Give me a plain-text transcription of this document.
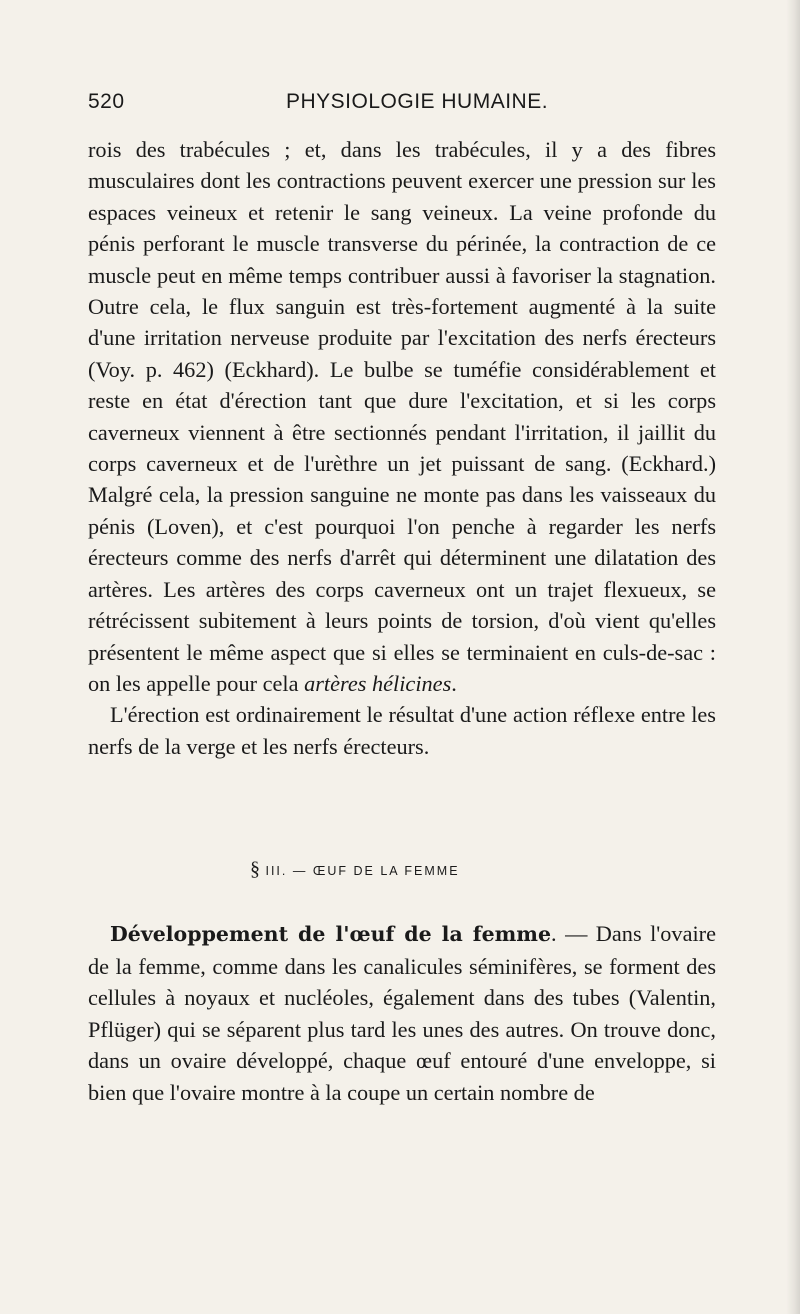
520	PHYSIOLOGIE HUMAINE.

rois des trabécules ; et, dans les trabécules, il y a des fibres musculaires dont les contractions peuvent exercer une pression sur les espaces veineux et retenir le sang veineux. La veine profonde du pénis perforant le muscle transverse du périnée, la contraction de ce muscle peut en même temps contribuer aussi à favoriser la stagnation. Outre cela, le flux sanguin est très-fortement augmenté à la suite d'une irritation nerveuse produite par l'excitation des nerfs érecteurs (Voy. p. 462) (Eckhard). Le bulbe se tuméfie considérablement et reste en état d'érection tant que dure l'excitation, et si les corps caverneux viennent à être sectionnés pendant l'irritation, il jaillit du corps caverneux et de l'urèthre un jet puissant de sang. (Eckhard.) Malgré cela, la pression sanguine ne monte pas dans les vaisseaux du pénis (Loven), et c'est pourquoi l'on penche à regarder les nerfs érecteurs comme des nerfs d'arrêt qui déterminent une dilatation des artères. Les artères des corps caverneux ont un trajet flexueux, se rétrécissent subitement à leurs points de torsion, d'où vient qu'elles présentent le même aspect que si elles se terminaient en culs-de-sac : on les appelle pour cela artères hélicines.

L'érection est ordinairement le résultat d'une action réflexe entre les nerfs de la verge et les nerfs érecteurs.

§ III. — ŒUF DE LA FEMME

Développement de l'œuf de la femme. — Dans l'ovaire de la femme, comme dans les canalicules séminifères, se forment des cellules à noyaux et nucléoles, également dans des tubes (Valentin, Pflüger) qui se séparent plus tard les unes des autres. On trouve donc, dans un ovaire développé, chaque œuf entouré d'une enveloppe, si bien que l'ovaire montre à la coupe un certain nombre de
